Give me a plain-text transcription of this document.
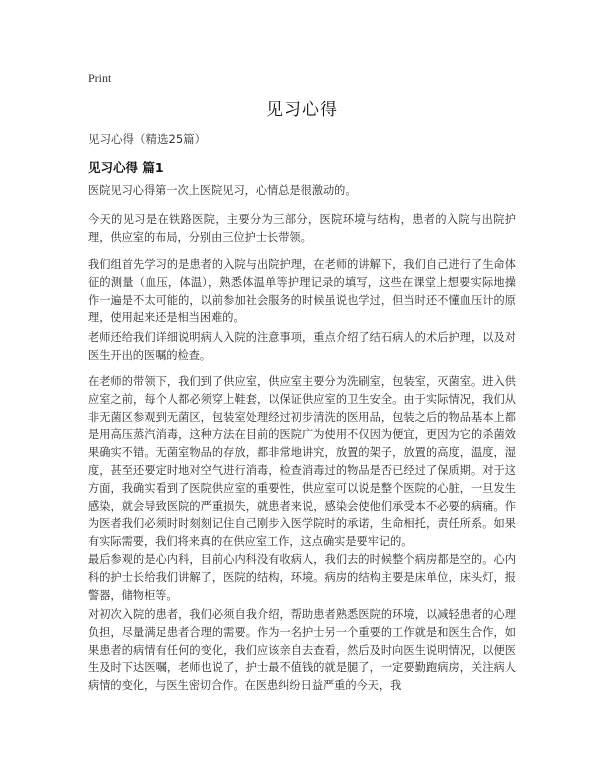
Print
见习心得
见习心得（精选25篇）
见习心得 篇1

医院见习心得第一次上医院见习，心情总是很激动的。

今天的见习是在铁路医院，主要分为三部分，医院环境与结构，患者的入院与出院护理，供应室的布局，分别由三位护士长带领。

我们组首先学习的是患者的入院与出院护理，在老师的讲解下，我们自己进行了生命体征的测量（血压，体温），熟悉体温单等护理记录的填写，这些在课堂上想要实际地操作一遍是不太可能的，以前参加社会服务的时候虽说也学过，但当时还不懂血压计的原理，使用起来还是相当困难的。

老师还给我们详细说明病人入院的注意事项，重点介绍了结石病人的术后护理，以及对医生开出的医嘱的检查。

在老师的带领下，我们到了供应室，供应室主要分为洗刷室，包装室，灭菌室。进入供应室之前，每个人都必须穿上鞋套，以保证供应室的卫生安全。由于实际情况，我们从非无菌区参观到无菌区，包装室处理经过初步清洗的医用品，包装之后的物品基本上都是用高压蒸汽消毒，这种方法在目前的医院广为使用不仅因为便宜，更因为它的杀菌效果确实不错。无菌室物品的存放，都非常地讲究，放置的架子，放置的高度，温度，湿度，甚至还要定时地对空气进行消毒，检查消毒过的物品是否已经过了保质期。对于这方面，我确实看到了医院供应室的重要性，供应室可以说是整个医院的心脏，一旦发生感染，就会导致医院的严重损失，就患者来说，感染会使他们承受本不必要的病痛。作为医者我们必须时时刻刻记住自己刚步入医学院时的承诺，生命相托，责任所系。如果有实际需要，我们将来真的在供应室工作，这点确实是要牢记的。

最后参观的是心内科，目前心内科没有收病人，我们去的时候整个病房都是空的。心内科的护士长给我们讲解了，医院的结构，环境。病房的结构主要是床单位，床头灯，报警器，储物柜等。

对初次入院的患者，我们必须自我介绍，帮助患者熟悉医院的环境，以减轻患者的心理负担，尽量满足患者合理的需要。作为一名护士另一个重要的工作就是和医生合作，如果患者的病情有任何的变化，我们应该亲自去查看，然后及时向医生说明情况，以便医生及时下达医嘱，老师也说了，护士最不值钱的就是腿了，一定要勤跑病房，关注病人病情的变化，与医生密切合作。在医患纠纷日益严重的今天，我
